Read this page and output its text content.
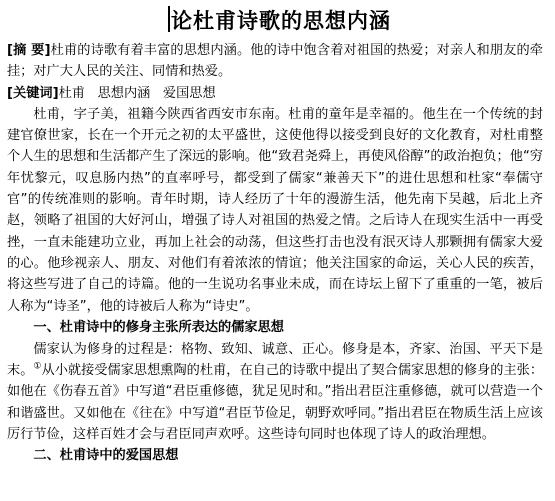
论杜甫诗歌的思想内涵

[摘 要]杜甫的诗歌有着丰富的思想内涵。他的诗中饱含着对祖国的热爱；对亲人和朋友的牵挂；对广大人民的关注、同情和热爱。

[关键词]杜甫   思想内涵   爱国思想

杜甫，字子美，祖籍今陕西省西安市东南。杜甫的童年是幸福的。他生在一个传统的封建官僚世家，长在一个开元之初的太平盛世，这使他得以接受到良好的文化教育，对杜甫整个人生的思想和生活都产生了深远的影响。他“致君尧舜上，再使风俗醇”的政治抱负；他“穷年忧黎元，叹息肠内热”的直率呼号，都受到了儒家“兼善天下”的进仕思想和杜家“奉儒守官”的传统准则的影响。青年时期，诗人经历了十年的漫游生活，他先南下吴越，后北上齐赵，领略了祖国的大好河山，增强了诗人对祖国的热爱之情。之后诗人在现实生活中一再受挫，一直未能建功立业，再加上社会的动荡，但这些打击也没有泯灭诗人那颗拥有儒家大爱的心。他珍视亲人、朋友、对他们有着浓浓的情谊；他关注国家的命运，关心人民的疾苦，将这些写进了自己的诗篇。他的一生说功名事业未成，而在诗坛上留下了重重的一笔，被后人称为“诗圣”，他的诗被后人称为“诗史”。

一、杜甫诗中的修身主张所表达的儒家思想

儒家认为修身的过程是：格物、致知、诚意、正心。修身是本，齐家、治国、平天下是末。①从小就接受儒家思想熏陶的杜甫，在自己的诗歌中提出了契合儒家思想的修身的主张：如他在《伤春五首》中写道“君臣重修德，犹足见时和。”指出君臣注重修德，就可以营造一个和谐盛世。又如他在《往在》中写道“君臣节俭足，朝野欢呼同。”指出君臣在物质生活上应该厉行节俭，这样百姓才会与君臣同声欢呼。这些诗句同时也体现了诗人的政治理想。

二、杜甫诗中的爱国思想
